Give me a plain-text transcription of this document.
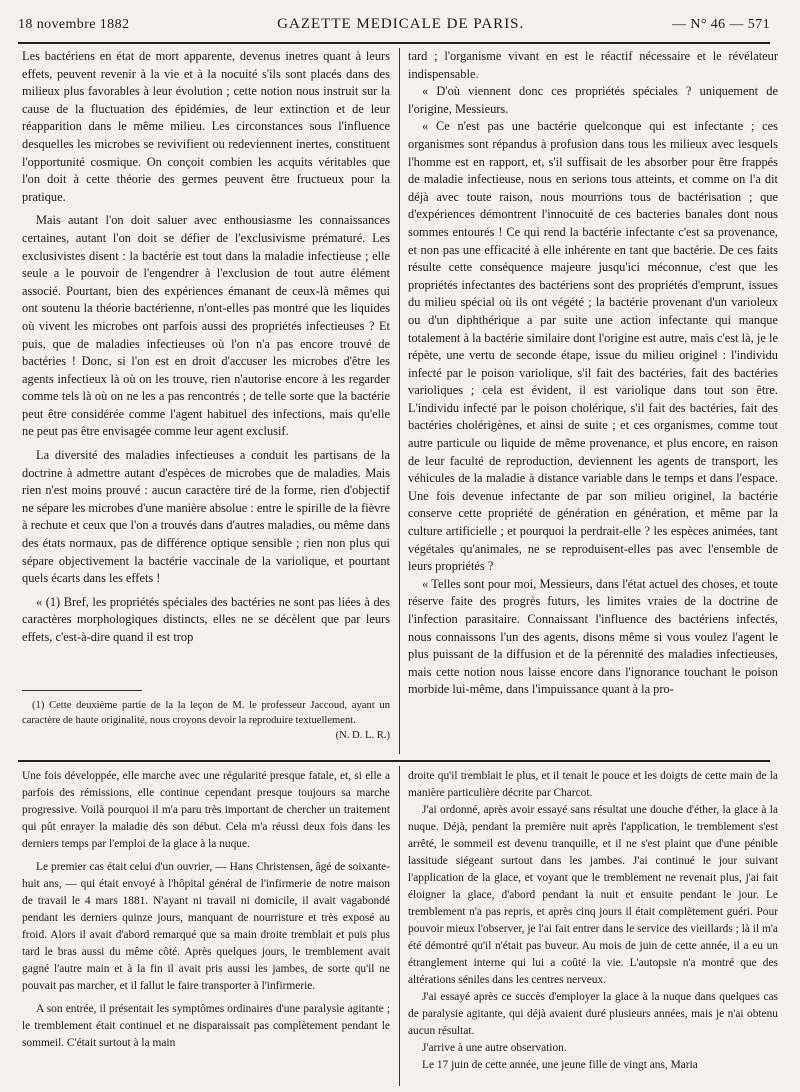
18 novembre 1882	GAZETTE MEDICALE DE PARIS.	— N° 46 — 571

Les bactériens en état de mort apparente, devenus inetres quant à leurs effets, peuvent revenir à la vie et à la nocuité s'ils sont placés dans des milieux plus favorables à leur évolution ; cette notion nous instruit sur la cause de la fluctuation des épidémies, de leur extinction et de leur réapparition dans le même milieu. Les circonstances sous l'influence desquelles les microbes se revivifient ou redeviennent inertes, constituent l'opportunité cosmique. On conçoit combien les acquits véritables que l'on doit à cette théorie des germes peuvent être fructueux pour la pratique.

Mais autant l'on doit saluer avec enthousiasme les connaissances certaines, autant l'on doit se défier de l'exclusivisme prématuré. Les exclusivistes disent : la bactérie est tout dans la maladie infectieuse ; elle seule a le pouvoir de l'engendrer à l'exclusion de tout autre élément associé. Pourtant, bien des expériences émanant de ceux-là mêmes qui ont soutenu la théorie bactérienne, n'ont-elles pas montré que les liquides où vivent les microbes ont parfois aussi des propriétés infectieuses ? Et puis, que de maladies infectieuses où l'on n'a pas encore trouvé de bactéries ! Donc, si l'on est en droit d'accuser les microbes d'être les agents infectieux là où on les trouve, rien n'autorise encore à les regarder comme tels là où on ne les a pas rencontrés ; de telle sorte que la bactérie peut être considérée comme l'agent habituel des infections, mais qu'elle ne peut pas être envisagée comme leur agent exclusif.

La diversité des maladies infectieuses a conduit les partisans de la doctrine à admettre autant d'espèces de microbes que de maladies. Mais rien n'est moins prouvé : aucun caractère tiré de la forme, rien d'objectif ne sépare les microbes d'une manière absolue : entre le spirille de la fièvre à rechute et ceux que l'on a trouvés dans d'autres maladies, ou même dans des états normaux, pas de différence optique sensible ; rien non plus qui sépare objectivement la bactérie vaccinale de la variolique, et pourtant quels écarts dans les effets !

« (1) Bref, les propriétés spéciales des bactéries ne sont pas liées à des caractères morphologiques distincts, elles ne se décèlent que par leurs effets, c'est-à-dire quand il est trop

(1) Cette deuxième partie de la la leçon de M. le professeur Jaccoud, ayant un caractère de haute originalité, nous croyons devoir la reproduire textuellement.

(N. D. L. R.)

tard ; l'organisme vivant en est le réactif nécessaire et le révélateur indispensable.

« D'où viennent donc ces propriétés spéciales ? uniquement de l'origine, Messieurs.

« Ce n'est pas une bactérie quelconque qui est infectante ; ces organismes sont répandus à profusion dans tous les milieux avec lesquels l'homme est en rapport, et, s'il suffisait de les absorber pour être frappés de maladie infectieuse, nous en serions tous atteints, et comme on l'a dit déjà avec toute raison, nous mourrions tous de bactérisation ; que d'expériences démontrent l'innocuité de ces bacteries banales dont nous sommes entourés ! Ce qui rend la bactérie infectante c'est sa provenance, et non pas une efficacité à elle inhérente en tant que bactérie. De ces faits résulte cette conséquence majeure jusqu'ici méconnue, c'est que les propriétés infectantes des bactériens sont des propriétés d'emprunt, issues du milieu spécial où ils ont végété ; la bactérie provenant d'un varioleux ou d'un diphthérique a par suite une action infectante qui manque totalement à la bactérie similaire dont l'origine est autre, mais c'est là, je le répète, une vertu de seconde étape, issue du milieu originel : l'individu infecté par le poison variolique, s'il fait des bactéries, fait des bactéries varioliques ; cela est évident, il est variolique dans tout son être. L'individu infecté par le poison cholérique, s'il fait des bactéries, fait des bactéries cholérigènes, et ainsi de suite ; et ces organismes, comme tout autre particule ou liquide de même provenance, et plus encore, en raison de leur faculté de reproduction, deviennent les agents de transport, les véhicules de la maladie à distance variable dans le temps et dans l'espace. Une fois devenue infectante de par son milieu originel, la bactérie conserve cette propriété de génération en génération, et même par la culture artificielle ; et pourquoi la perdrait-elle ? les espèces animées, tant végétales qu'animales, ne se reproduisent-elles pas avec l'ensemble de leurs propriétés ?

« Telles sont pour moi, Messieurs, dans l'état actuel des choses, et toute réserve faite des progrès futurs, les limites vraies de la doctrine de l'infection parasitaire. Connaissant l'influence des bactériens infectés, nous connaissons l'un des agents, disons même si vous voulez l'agent le plus puissant de la diffusion et de la pérennité des maladies infectieuses, mais cette notion nous laisse encore dans l'ignorance touchant le poison morbide lui-même, dans l'impuissance quant à la pro-

Une fois développée, elle marche avec une régularité presque fatale, et, si elle a parfois des rémissions, elle continue cependant presque toujours sa marche progressive. Voilà pourquoi il m'a paru très important de chercher un traitement qui pût enrayer la maladie dès son début. Cela m'a réussi deux fois dans les derniers temps par l'emploi de la glace à la nuque.

Le premier cas était celui d'un ouvrier, — Hans Christensen, âgé de soixante-huit ans, — qui était envoyé à l'hôpital général de l'infirmerie de notre maison de travail le 4 mars 1881. N'ayant ni travail ni domicile, il avait vagabondé pendant les derniers quinze jours, manquant de nourristure et très exposé au froid. Alors il avait d'abord remarqué que sa main droite tremblait et puis plus tard le bras aussi du même côté. Après quelques jours, le tremblement avait gagné l'autre main et à la fin il avait pris aussi les jambes, de sorte qu'il ne pouvait pas marcher, et il fallut le faire transporter à l'infirmerie.

A son entrée, il présentait les symptômes ordinaires d'une paralysie agitante ; le tremblement était continuel et ne disparaissait pas complètement pendant le sommeil. C'était surtout à la main

droite qu'il tremblait le plus, et il tenait le pouce et les doigts de cette main de la manière particulière décrite par Charcot.

J'ai ordonné, après avoir essayé sans résultat une douche d'éther, la glace à la nuque. Déjà, pendant la première nuit après l'application, le tremblement s'est arrêté, le sommeil est devenu tranquille, et il ne s'est plaint que d'une pénible lassitude siégeant surtout dans les jambes. J'ai continué le jour suivant l'application de la glace, et voyant que le tremblement ne revenait plus, j'ai fait éloigner la glace, d'abord pendant la nuit et ensuite pendant le jour. Le tremblement n'a pas repris, et après cinq jours il était complètement guéri. Pour pouvoir mieux l'observer, je l'ai fait entrer dans le service des vieillards ; là il m'a été démontré qu'il n'était pas buveur. Au mois de juin de cette année, il a eu un étranglement interne qui lui a coûté la vie. L'autopsie n'a montré que des altérations séniles dans les centres nerveux.

J'ai essayé après ce succès d'employer la glace à la nuque dans quelques cas de paralysie agitante, qui déjà avaient duré plusieurs années, mais je n'ai obtenu aucun résultat.

J'arrive à une autre observation.

Le 17 juin de cette année, une jeune fille de vingt ans, Maria
